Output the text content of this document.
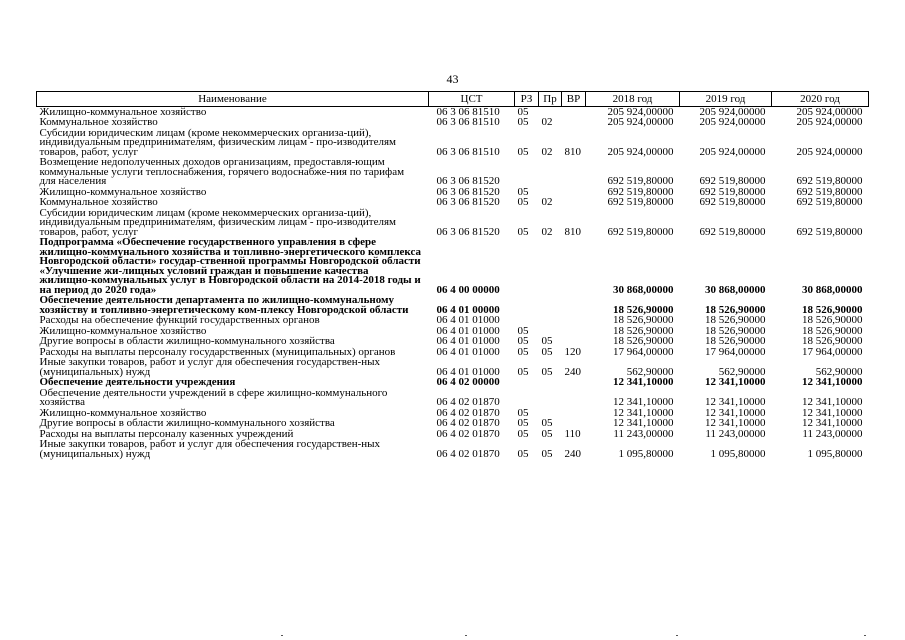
43
Наименование	ЦСТ	РЗ	Пр	ВР	2018 год	2019 год	2020 год
Жилищно-коммунальное хозяйство	06 3 06 81510	05			205 924,00000	205 924,00000	205 924,00000
Коммунальное хозяйство	06 3 06 81510	05	02		205 924,00000	205 924,00000	205 924,00000
Субсидии юридическим лицам (кроме некоммерческих организа-ций), индивидуальным предпринимателям, физическим лицам - про-изводителям товаров, работ, услуг	06 3 06 81510	05	02	810	205 924,00000	205 924,00000	205 924,00000
Возмещение недополученных доходов организациям, предоставля-ющим коммунальные услуги теплоснабжения, горячего водоснабже-ния по тарифам для населения	06 3 06 81520				692 519,80000	692 519,80000	692 519,80000
Жилищно-коммунальное хозяйство	06 3 06 81520	05			692 519,80000	692 519,80000	692 519,80000
Коммунальное хозяйство	06 3 06 81520	05	02		692 519,80000	692 519,80000	692 519,80000
Субсидии юридическим лицам (кроме некоммерческих организа-ций), индивидуальным предпринимателям, физическим лицам - про-изводителям товаров, работ, услуг	06 3 06 81520	05	02	810	692 519,80000	692 519,80000	692 519,80000
Подпрограмма «Обеспечение государственного управления в сфере жилищно-коммунального хозяйства и топливно-энергетического комплекса Новгородской области» государ-ственной программы Новгородской области «Улучшение жи-лищных условий граждан и повышение качества жилищно-коммунальных услуг в Новгородской области на 2014-2018 годы и на период до 2020 года»	06 4 00 00000				30 868,00000	30 868,00000	30 868,00000
Обеспечение деятельности департамента по жилищно-коммунальному хозяйству и топливно-энергетическому ком-плексу Новгородской области	06 4 01 00000				18 526,90000	18 526,90000	18 526,90000
Расходы на обеспечение функций государственных органов	06 4 01 01000				18 526,90000	18 526,90000	18 526,90000
Жилищно-коммунальное хозяйство	06 4 01 01000	05			18 526,90000	18 526,90000	18 526,90000
Другие вопросы в области жилищно-коммунального хозяйства	06 4 01 01000	05	05		18 526,90000	18 526,90000	18 526,90000
Расходы на выплаты персоналу государственных (муниципальных) органов	06 4 01 01000	05	05	120	17 964,00000	17 964,00000	17 964,00000
Иные закупки товаров, работ и услуг для обеспечения государствен-ных (муниципальных) нужд	06 4 01 01000	05	05	240	562,90000	562,90000	562,90000
Обеспечение деятельности учреждения	06 4 02 00000				12 341,10000	12 341,10000	12 341,10000
Обеспечение деятельности учреждений в сфере жилищно-коммунального хозяйства	06 4 02 01870				12 341,10000	12 341,10000	12 341,10000
Жилищно-коммунальное хозяйство	06 4 02 01870	05			12 341,10000	12 341,10000	12 341,10000
Другие вопросы в области жилищно-коммунального хозяйства	06 4 02 01870	05	05		12 341,10000	12 341,10000	12 341,10000
Расходы на выплаты персоналу казенных учреждений	06 4 02 01870	05	05	110	11 243,00000	11 243,00000	11 243,00000
Иные закупки товаров, работ и услуг для обеспечения государствен-ных (муниципальных) нужд	06 4 02 01870	05	05	240	1 095,80000	1 095,80000	1 095,80000
